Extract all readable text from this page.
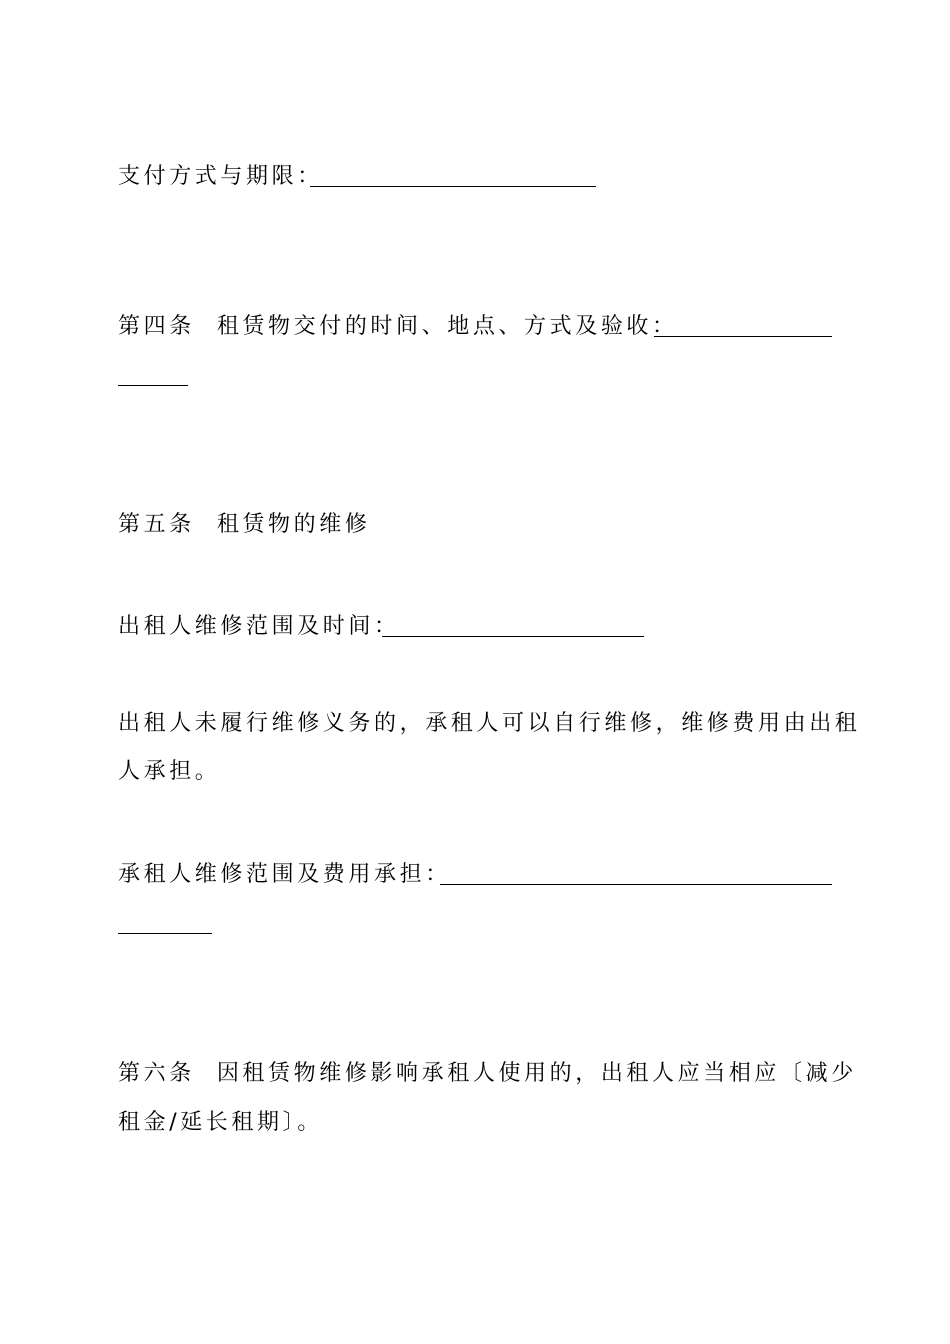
支付方式与期限：
第四条 租赁物交付的时间、地点、方式及验收：
第五条 租赁物的维修
出租人维修范围及时间：
出租人未履行维修义务的，承租人可以自行维修，维修费用由出租
人承担。
承租人维修范围及费用承担：
第六条 因租赁物维修影响承租人使用的，出租人应当相应〔减少
租金/延长租期〕。
